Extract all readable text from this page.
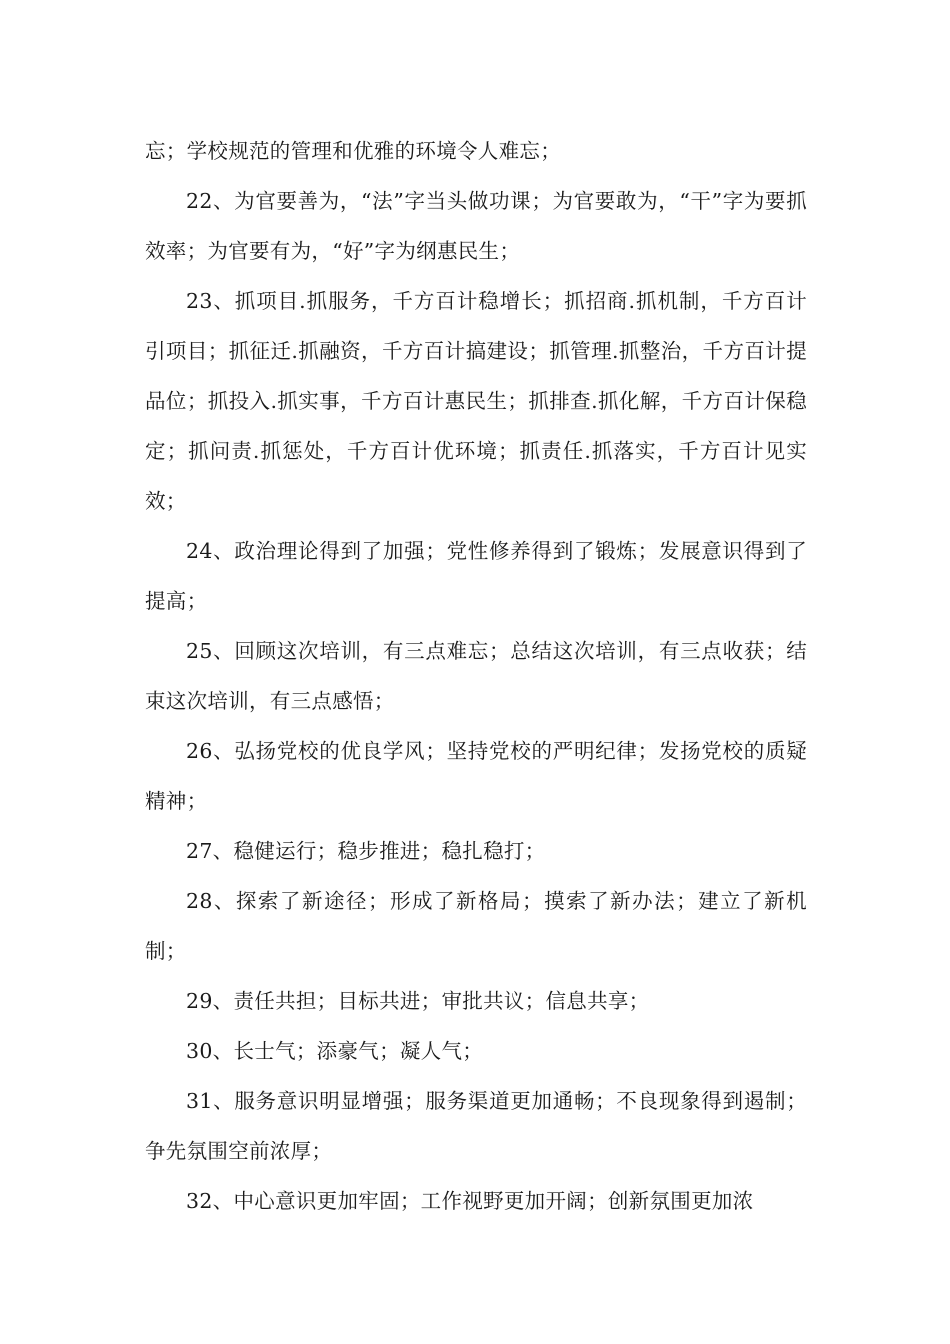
忘；学校规范的管理和优雅的环境令人难忘；

22、为官要善为，“法”字当头做功课；为官要敢为，“干”字为要抓效率；为官要有为，“好”字为纲惠民生；

23、抓项目.抓服务，千方百计稳增长；抓招商.抓机制，千方百计引项目；抓征迁.抓融资，千方百计搞建设；抓管理.抓整治，千方百计提品位；抓投入.抓实事，千方百计惠民生；抓排查.抓化解，千方百计保稳定；抓问责.抓惩处，千方百计优环境；抓责任.抓落实，千方百计见实效；

24、政治理论得到了加强；党性修养得到了锻炼；发展意识得到了提高；

25、回顾这次培训，有三点难忘；总结这次培训，有三点收获；结束这次培训，有三点感悟；

26、弘扬党校的优良学风；坚持党校的严明纪律；发扬党校的质疑精神；

27、稳健运行；稳步推进；稳扎稳打；

28、探索了新途径；形成了新格局；摸索了新办法；建立了新机制；

29、责任共担；目标共进；审批共议；信息共享；

30、长士气；添豪气；凝人气；

31、服务意识明显增强；服务渠道更加通畅；不良现象得到遏制；争先氛围空前浓厚；

32、中心意识更加牢固；工作视野更加开阔；创新氛围更加浓
